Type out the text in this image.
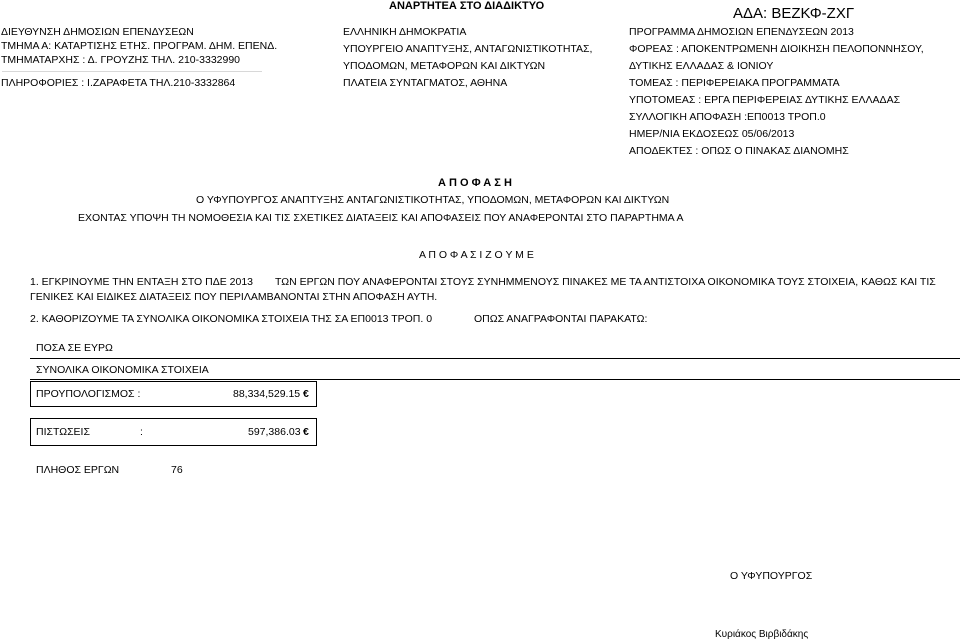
ΑΝΑΡΤΗΤΕΑ ΣΤΟ ΔΙΑΔΙΚΤΥΟ	ΑΔΑ: ΒΕΖΚΦ-ΖΧΓ
ΔΙΕΥΘΥΝΣΗ ΔΗΜΟΣΙΩΝ ΕΠΕΝΔΥΣΕΩΝ
ΤΜΗΜΑ Α: ΚΑΤΑΡΤΙΣΗΣ ΕΤΗΣ. ΠΡΟΓΡΑΜ. ΔΗΜ. ΕΠΕΝΔ.
ΤΜΗΜΑΤΑΡΧΗΣ : Δ. ΓΡΟΥΖΗΣ ΤΗΛ. 210-3332990
ΠΛΗΡΟΦΟΡΙΕΣ : Ι.ΖΑΡΑΦΕΤΑ ΤΗΛ.210-3332864
ΕΛΛΗΝΙΚΗ ΔΗΜΟΚΡΑΤΙΑ
ΥΠΟΥΡΓΕΙΟ ΑΝΑΠΤΥΞΗΣ, ΑΝΤΑΓΩΝΙΣΤΙΚΟΤΗΤΑΣ,
ΥΠΟΔΟΜΩΝ, ΜΕΤΑΦΟΡΩΝ ΚΑΙ ΔΙΚΤΥΩΝ
ΠΛΑΤΕΙΑ ΣΥΝΤΑΓΜΑΤΟΣ, ΑΘΗΝΑ
ΠΡΟΓΡΑΜΜΑ ΔΗΜΟΣΙΩΝ ΕΠΕΝΔΥΣΕΩΝ 2013
ΦΟΡΕΑΣ : ΑΠΟΚΕΝΤΡΩΜΕΝΗ ΔΙΟΙΚΗΣΗ ΠΕΛΟΠΟΝΝΗΣΟΥ,
ΔΥΤΙΚΗΣ ΕΛΛΑΔΑΣ & ΙΟΝΙΟΥ
ΤΟΜΕΑΣ : ΠΕΡΙΦΕΡΕΙΑΚΑ ΠΡΟΓΡΑΜΜΑΤΑ
ΥΠΟΤΟΜΕΑΣ : ΕΡΓΑ ΠΕΡΙΦΕΡΕΙΑΣ ΔΥΤΙΚΗΣ ΕΛΛΑΔΑΣ
ΣΥΛΛΟΓΙΚΗ ΑΠΟΦΑΣΗ :ΕΠ0013 ΤΡΟΠ.0
ΗΜΕΡ/ΝΙΑ ΕΚΔΟΣΕΩΣ 05/06/2013
ΑΠΟΔΕΚΤΕΣ : ΟΠΩΣ Ο ΠΙΝΑΚΑΣ ΔΙΑΝΟΜΗΣ
Α Π Ο Φ Α Σ Η
Ο ΥΦΥΠΟΥΡΓΟΣ ΑΝΑΠΤΥΞΗΣ ΑΝΤΑΓΩΝΙΣΤΙΚΟΤΗΤΑΣ, ΥΠΟΔΟΜΩΝ, ΜΕΤΑΦΟΡΩΝ ΚΑΙ ΔΙΚΤΥΩΝ
ΕΧΟΝΤΑΣ ΥΠΟΨΗ ΤΗ ΝΟΜΟΘΕΣΙΑ ΚΑΙ ΤΙΣ ΣΧΕΤΙΚΕΣ ΔΙΑΤΑΞΕΙΣ ΚΑΙ ΑΠΟΦΑΣΕΙΣ ΠΟΥ ΑΝΑΦΕΡΟΝΤΑΙ ΣΤΟ ΠΑΡΑΡΤΗΜΑ Α
Α Π Ο Φ Α Σ Ι Ζ Ο Υ Μ Ε
1. ΕΓΚΡΙΝΟΥΜΕ ΤΗΝ ΕΝΤΑΞΗ ΣΤΟ ΠΔΕ 2013 ΤΩΝ ΕΡΓΩΝ ΠΟΥ ΑΝΑΦΕΡΟΝΤΑΙ ΣΤΟΥΣ ΣΥΝΗΜΜΕΝΟΥΣ ΠΙΝΑΚΕΣ ΜΕ ΤΑ ΑΝΤΙΣΤΟΙΧΑ ΟΙΚΟΝΟΜΙΚΑ ΤΟΥΣ ΣΤΟΙΧΕΙΑ, ΚΑΘΩΣ ΚΑΙ ΤΙΣ
ΓΕΝΙΚΕΣ ΚΑΙ ΕΙΔΙΚΕΣ ΔΙΑΤΑΞΕΙΣ ΠΟΥ ΠΕΡΙΛΑΜΒΑΝΟΝΤΑΙ ΣΤΗΝ ΑΠΟΦΑΣΗ ΑΥΤΗ.
2. ΚΑΘΟΡΙΖΟΥΜΕ ΤΑ ΣΥΝΟΛΙΚΑ ΟΙΚΟΝΟΜΙΚΑ ΣΤΟΙΧΕΙΑ ΤΗΣ ΣΑ ΕΠ0013 ΤΡΟΠ. 0	ΟΠΩΣ ΑΝΑΓΡΑΦΟΝΤΑΙ ΠΑΡΑΚΑΤΩ:
ΠΟΣΑ ΣΕ ΕΥΡΩ
ΣΥΝΟΛΙΚΑ ΟΙΚΟΝΟΜΙΚΑ ΣΤΟΙΧΕΙΑ
ΠΡΟΥΠΟΛΟΓΙΣΜΟΣ :	88,334,529.15 €
ΠΙΣΤΩΣΕΙΣ	:	597,386.03 €
ΠΛΗΘΟΣ ΕΡΓΩΝ	76
Ο ΥΦΥΠΟΥΡΓΟΣ
Κυριάκος Βιρβιδάκης
